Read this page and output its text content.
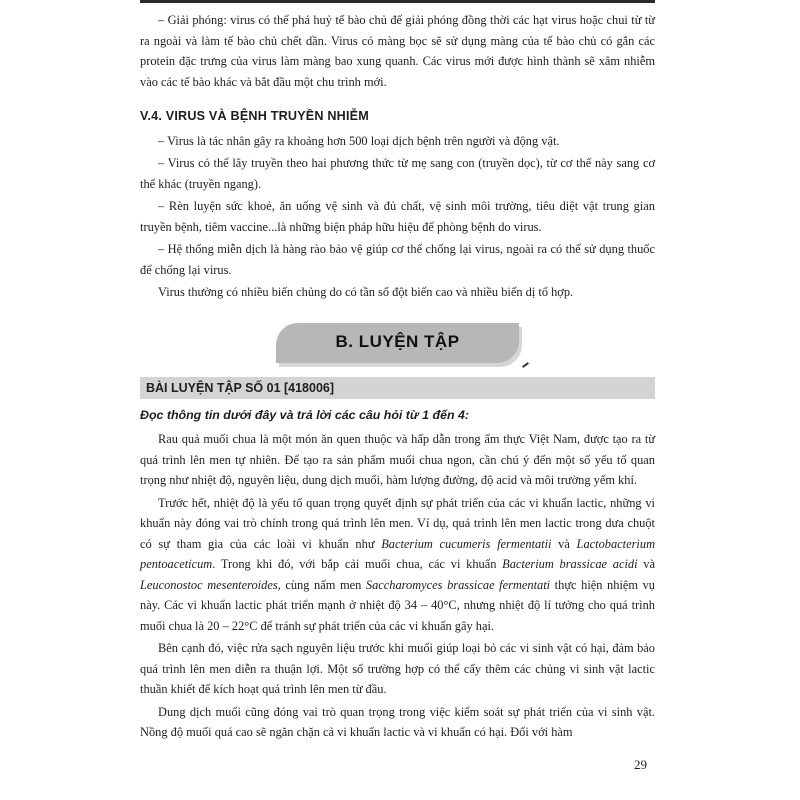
– Giải phóng: virus có thể phá huỷ tế bào chủ để giải phóng đồng thời các hạt virus hoặc chui từ từ ra ngoài và làm tế bào chủ chết dần. Virus có màng bọc sẽ sử dụng màng của tế bào chủ có gắn các protein đặc trưng của virus làm màng bao xung quanh. Các virus mới được hình thành sẽ xâm nhiễm vào các tế bào khác và bắt đầu một chu trình mới.

V.4. VIRUS VÀ BỆNH TRUYỀN NHIỄM

– Virus là tác nhân gây ra khoảng hơn 500 loại dịch bệnh trên người và động vật.

– Virus có thể lây truyền theo hai phương thức từ mẹ sang con (truyền dọc), từ cơ thể này sang cơ thể khác (truyền ngang).

– Rèn luyện sức khoẻ, ăn uống vệ sinh và đủ chất, vệ sinh môi trường, tiêu diệt vật trung gian truyền bệnh, tiêm vaccine...là những biện pháp hữu hiệu để phòng bệnh do virus.

– Hệ thống miễn dịch là hàng rào bảo vệ giúp cơ thể chống lại virus, ngoài ra có thể sử dụng thuốc để chống lại virus.

Virus thường có nhiều biến chủng do có tần số đột biến cao và nhiều biến dị tổ hợp.

B. LUYỆN TẬP
BÀI LUYỆN TẬP SỐ 01 [418006]
Đọc thông tin dưới đây và trả lời các câu hỏi từ 1 đến 4:

Rau quả muối chua là một món ăn quen thuộc và hấp dẫn trong ẩm thực Việt Nam, được tạo ra từ quá trình lên men tự nhiên. Để tạo ra sản phẩm muối chua ngon, cần chú ý đến một số yếu tố quan trọng như nhiệt độ, nguyên liệu, dung dịch muối, hàm lượng đường, độ acid và môi trường yếm khí.

Trước hết, nhiệt độ là yếu tố quan trọng quyết định sự phát triển của các vi khuẩn lactic, những vi khuẩn này đóng vai trò chính trong quá trình lên men. Ví dụ, quá trình lên men lactic trong dưa chuột có sự tham gia của các loài vi khuẩn như Bacterium cucumeris fermentatii và Lactobacterium pentoaceticum. Trong khi đó, với bắp cải muối chua, các vi khuẩn Bacterium brassicae acidi và Leuconostoc mesenteroides, cùng nấm men Saccharomyces brassicae fermentati thực hiện nhiệm vụ này. Các vi khuẩn lactic phát triển mạnh ở nhiệt độ 34 – 40°C, nhưng nhiệt độ lí tưởng cho quá trình muối chua là 20 – 22°C để tránh sự phát triển của các vi khuẩn gây hại.

Bên cạnh đó, việc rửa sạch nguyên liệu trước khi muối giúp loại bỏ các vi sinh vật có hại, đảm bảo quá trình lên men diễn ra thuận lợi. Một số trường hợp có thể cấy thêm các chủng vi sinh vật lactic thuần khiết để kích hoạt quá trình lên men từ đầu.

Dung dịch muối cũng đóng vai trò quan trọng trong việc kiểm soát sự phát triển của vi sinh vật. Nồng độ muối quá cao sẽ ngăn chặn cả vi khuẩn lactic và vi khuẩn có hại. Đối với hàm

29
